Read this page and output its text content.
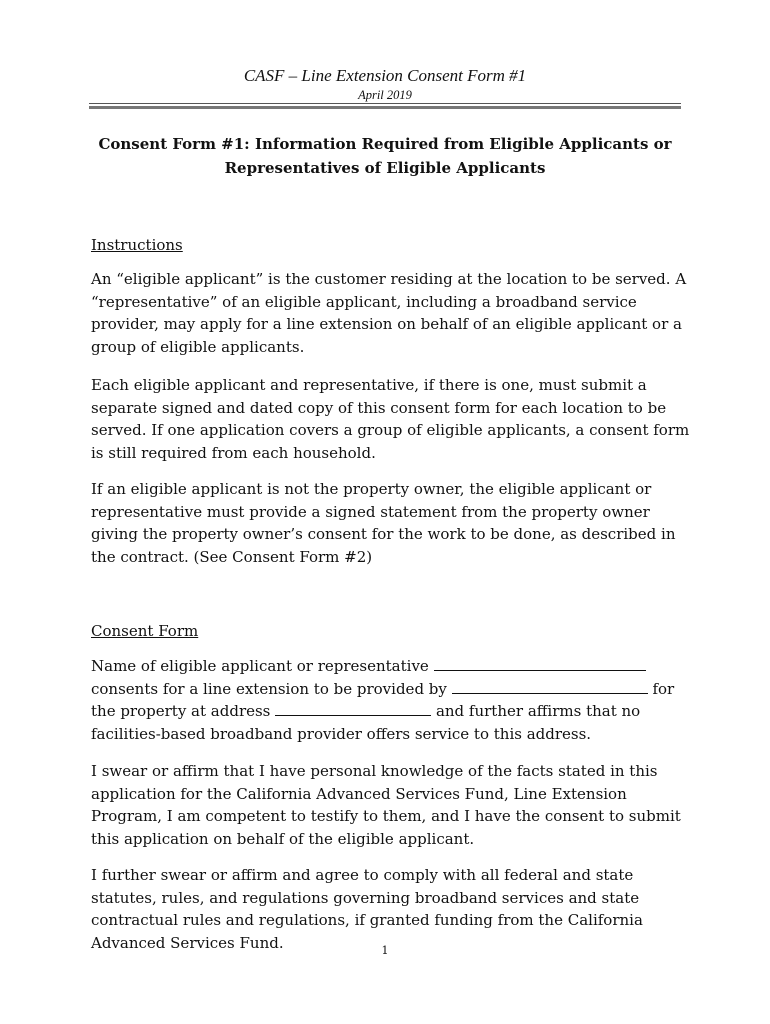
CASF – Line Extension Consent Form #1
April 2019
Consent Form #1: Information Required from Eligible Applicants or
Representatives of Eligible Applicants
Instructions

An “eligible applicant” is the customer residing at the location to be served. A “representative” of an eligible applicant, including a broadband service provider, may apply for a line extension on behalf of an eligible applicant or a group of eligible applicants.

Each eligible applicant and representative, if there is one, must submit a separate signed and dated copy of this consent form for each location to be served. If one application covers a group of eligible applicants, a consent form is still required from each household.

If an eligible applicant is not the property owner, the eligible applicant or representative must provide a signed statement from the property owner giving the property owner’s consent for the work to be done, as described in the contract. (See Consent Form #2)

Consent Form

Name of eligible applicant or representative  consents for a line extension to be provided by	for the property at address	and further affirms that no facilities-based broadband provider offers service to this address.

I swear or affirm that I have personal knowledge of the facts stated in this application for the California Advanced Services Fund, Line Extension Program, I am competent to testify to them, and I have the consent to submit this application on behalf of the eligible applicant.

I further swear or affirm and agree to comply with all federal and state statutes, rules, and regulations governing broadband services and state contractual rules and regulations, if granted funding from the California Advanced Services Fund.	1
